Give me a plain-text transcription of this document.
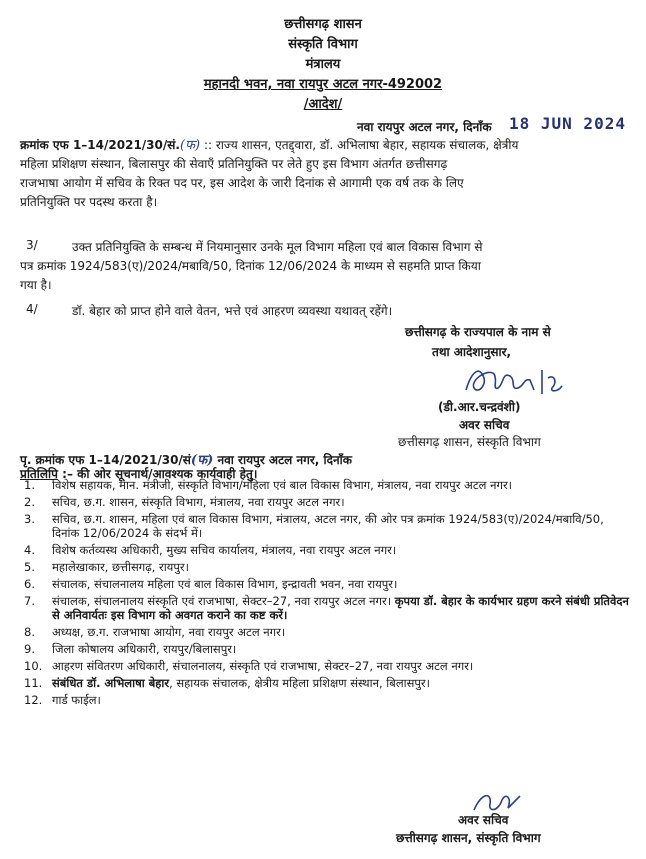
छत्तीसगढ़ शासन
संस्कृति विभाग
मंत्रालय
महानदी भवन, नवा रायपुर अटल नगर-492002
/आदेश/
नवा रायपुर अटल नगर, दिनाँक 18 JUN 2024

क्रमांक एफ 1–14/2021/30/सं.(फ) :: राज्य शासन, एतद्द्वारा, डॉ. अभिलाषा बेहार, सहायक संचालक, क्षेत्रीय

महिला प्रशिक्षण संस्थान, बिलासपुर की सेवाएँ प्रतिनियुक्ति पर लेते हुए इस विभाग अंतर्गत छत्तीसगढ़

राजभाषा आयोग में सचिव के रिक्त पद पर, इस आदेश के जारी दिनांक से आगामी एक वर्ष तक के लिए

प्रतिनियुक्ति पर पदस्थ करता है।

3/	उक्त प्रतिनियुक्ति के सम्बन्ध में नियमानुसार उनके मूल विभाग महिला एवं बाल विकास विभाग से

पत्र क्रमांक 1924/583(ए)/2024/मबावि/50, दिनांक 12/06/2024 के माध्यम से सहमति प्राप्त किया

गया है।

4/	डॉ. बेहार को प्राप्त होने वाले वेतन, भत्ते एवं आहरण व्यवस्था यथावत् रहेंगे।
छत्तीसगढ़ के राज्यपाल के नाम से
तथा आदेशानुसार,
(डी.आर.चन्द्रवंशी)
अवर सचिव
छत्तीसगढ़ शासन, संस्कृति विभाग
पृ. क्रमांक एफ 1–14/2021/30/सं(फ) नवा रायपुर अटल नगर, दिनाँक
प्रतिलिपि :– की ओर सूचनार्थ/आवश्यक कार्यवाही हेतु।
1.	विशेष सहायक, मान. मंत्रीजी, संस्कृति विभाग/महिला एवं बाल विकास विभाग, मंत्रालय, नवा रायपुर अटल नगर।
2.	सचिव, छ.ग. शासन, संस्कृति विभाग, मंत्रालय, नवा रायपुर अटल नगर।
3.	सचिव, छ.ग. शासन, महिला एवं बाल विकास विभाग, मंत्रालय, अटल नगर, की ओर पत्र क्रमांक 1924/583(ए)/2024/मबावि/50, दिनांक 12/06/2024 के संदर्भ में।
4.	विशेष कर्तव्यस्थ अधिकारी, मुख्य सचिव कार्यालय, मंत्रालय, नवा रायपुर अटल नगर।
5.	महालेखाकार, छत्तीसगढ़, रायपुर।
6.	संचालक, संचालनालय महिला एवं बाल विकास विभाग, इन्द्रावती भवन, नवा रायपुर।
7.	संचालक, संचालनालय संस्कृति एवं राजभाषा, सेक्टर–27, नवा रायपुर अटल नगर। कृपया डॉ. बेहार के कार्यभार ग्रहण करने संबंधी प्रतिवेदन से अनिवार्यतः इस विभाग को अवगत कराने का कष्ट करें।
8.	अध्यक्ष, छ.ग. राजभाषा आयोग, नवा रायपुर अटल नगर।
9.	जिला कोषालय अधिकारी, रायपुर/बिलासपुर।
10. आहरण संवितरण अधिकारी, संचालनालय, संस्कृति एवं राजभाषा, सेक्टर–27, नवा रायपुर अटल नगर।
11. संबंधित डॉ. अभिलाषा बेहार, सहायक संचालक, क्षेत्रीय महिला प्रशिक्षण संस्थान, बिलासपुर।
12. गार्ड फाईल।
अवर सचिव
छत्तीसगढ़ शासन, संस्कृति विभाग
